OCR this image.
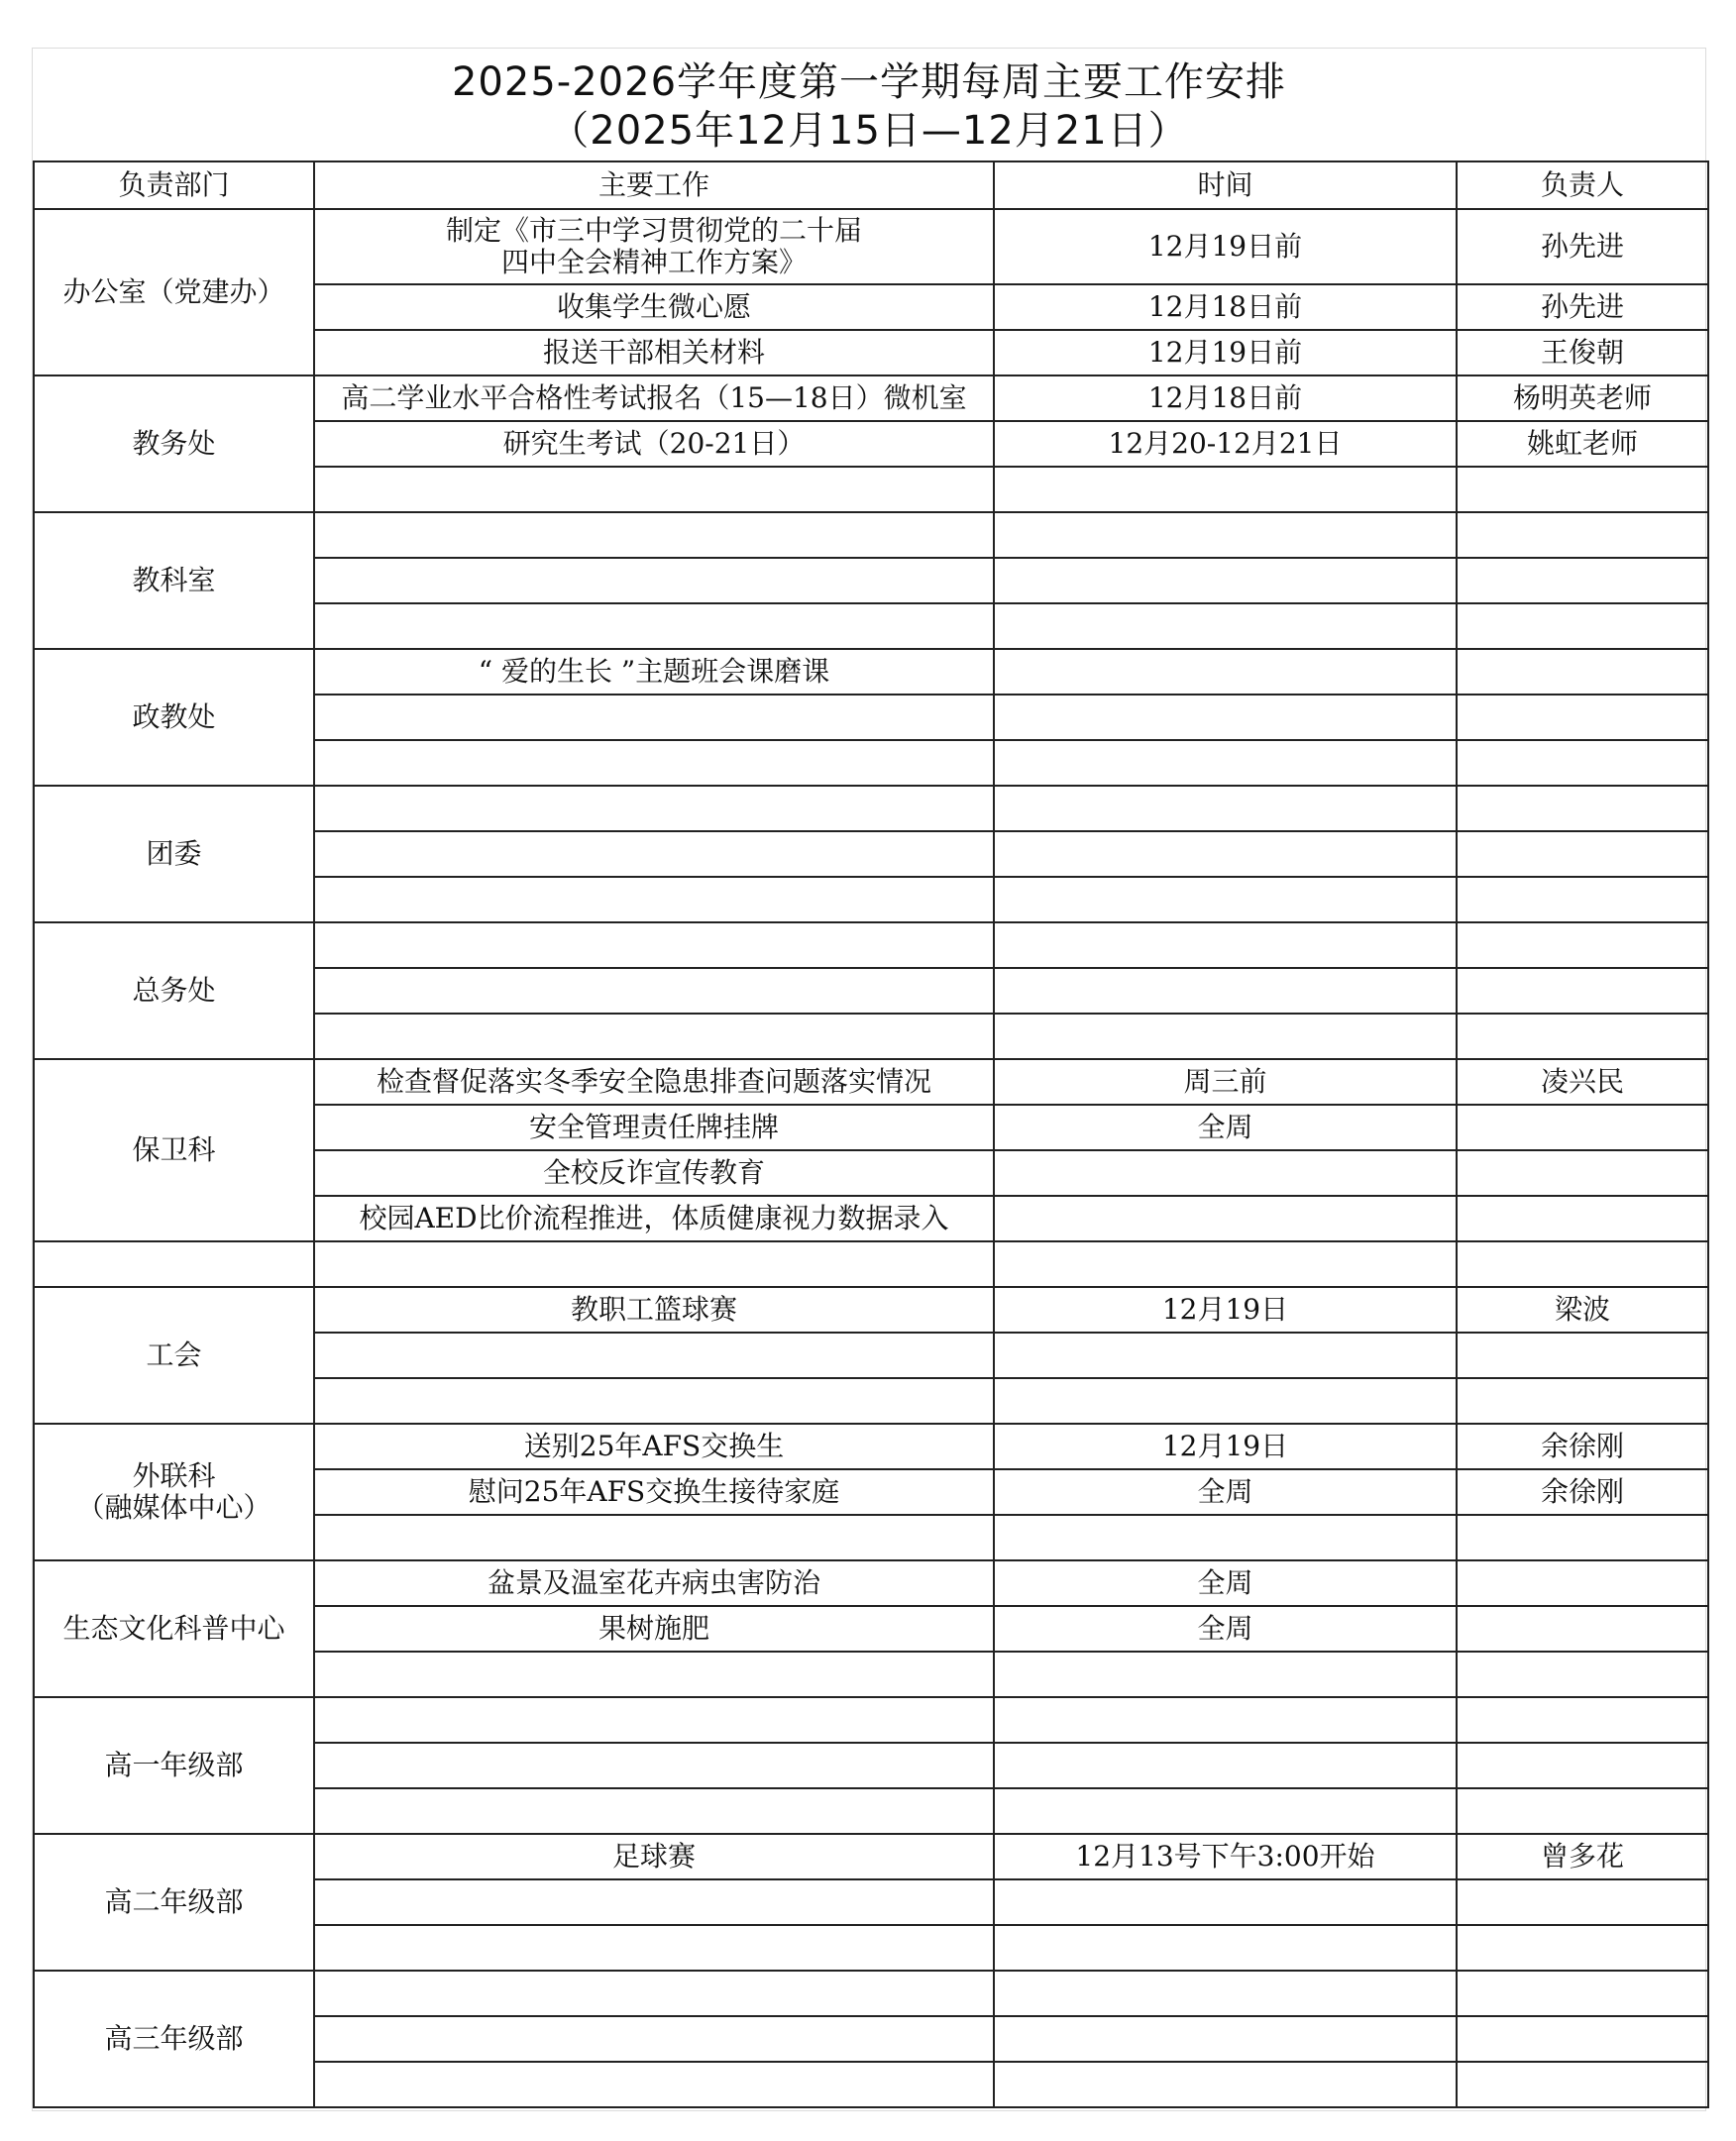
2025-2026学年度第一学期每周主要工作安排
（2025年12月15日—12月21日）
负责部门	主要工作	时间	负责人
办公室（党建办）	制定《市三中学习贯彻党的二十届
四中全会精神工作方案》	12月19日前	孙先进
	收集学生微心愿	12月18日前	孙先进
	报送干部相关材料	12月19日前	王俊朝
教务处	高二学业水平合格性考试报名（15—18日）微机室	12月18日前	杨明英老师
	研究生考试（20-21日）	12月20-12月21日	姚虹老师

教科室			

政教处	“ 爱的生长 ”主题班会课磨课		

团委			

总务处			

保卫科	检查督促落实冬季安全隐患排查问题落实情况	周三前	凌兴民
	安全管理责任牌挂牌	全周	
	全校反诈宣传教育		
	校园AED比价流程推进，体质健康视力数据录入		

工会	教职工篮球赛	12月19日	梁波

外联科
（融媒体中心）	送别25年AFS交换生	12月19日	余徐刚
	慰问25年AFS交换生接待家庭	全周	余徐刚

生态文化科普中心	盆景及温室花卉病虫害防治	全周	
	果树施肥	全周	

高一年级部			

高二年级部	足球赛	12月13号下午3:00开始	曾多花

高三年级部			
